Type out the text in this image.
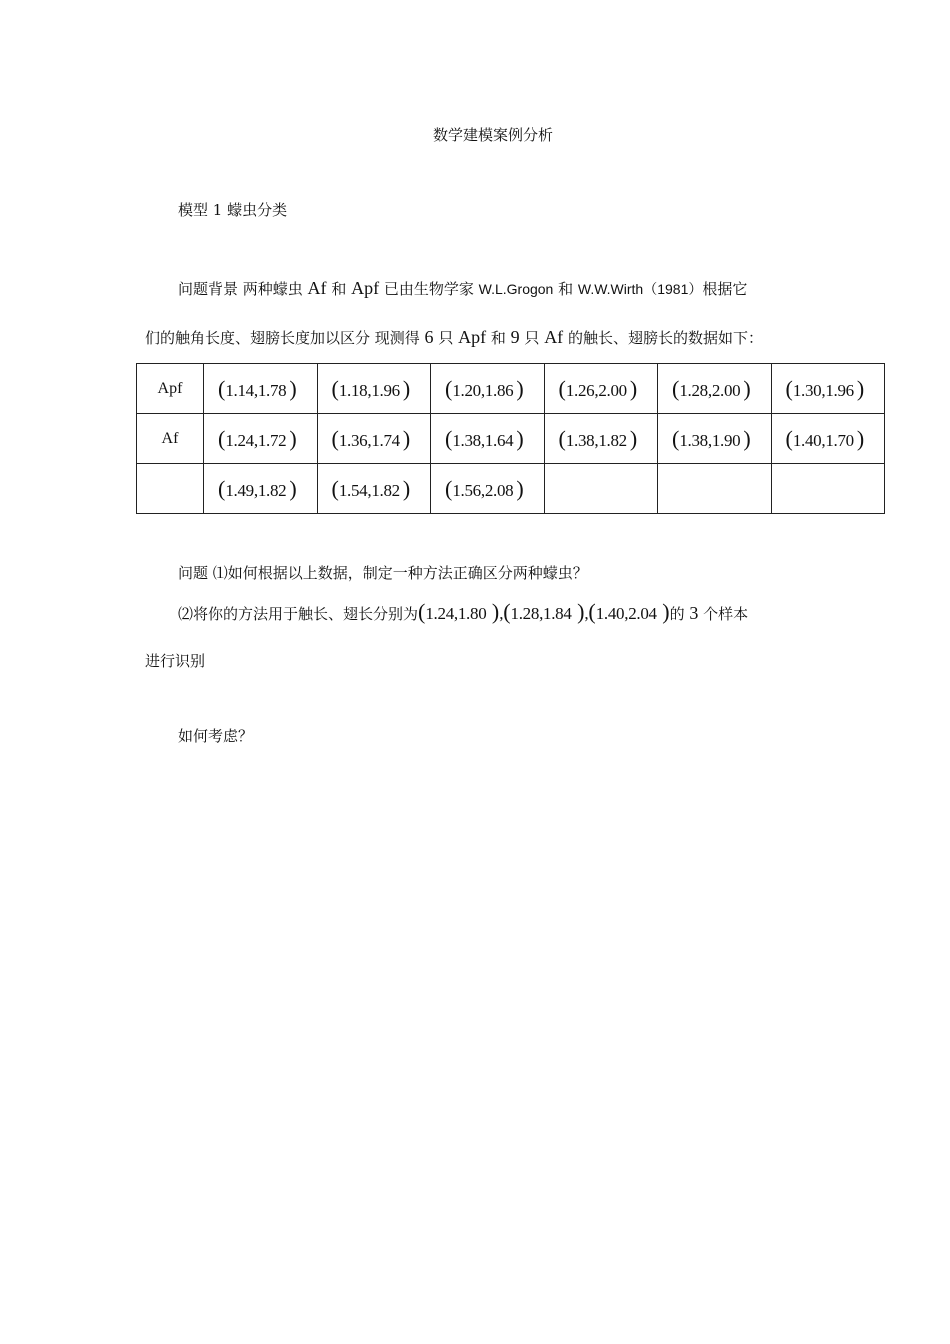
数学建模案例分析
模型 1 蠓虫分类
问题背景 两种蠓虫 Af 和 Apf 已由生物学家 W.L.Grogon 和 W.W.Wirth（1981）根据它
们的触角长度、翅膀长度加以区分 现测得 6 只 Apf 和 9 只 Af 的触长、翅膀长的数据如下：
Apf	(1.14,1.78 )	(1.18,1.96 )	(1.20,1.86 )	(1.26,2.00 )	(1.28,2.00 )	(1.30,1.96 )
Af	(1.24,1.72 )	(1.36,1.74 )	(1.38,1.64 )	(1.38,1.82 )	(1.38,1.90 )	(1.40,1.70 )
	(1.49,1.82 )	(1.54,1.82 )	(1.56,2.08 )			
问题 ⑴如何根据以上数据，制定一种方法正确区分两种蠓虫？
⑵将你的方法用于触长、翅长分别为(1.24,1.80 ),(1.28,1.84 ),(1.40,2.04 )的 3 个样本
进行识别
如何考虑？
